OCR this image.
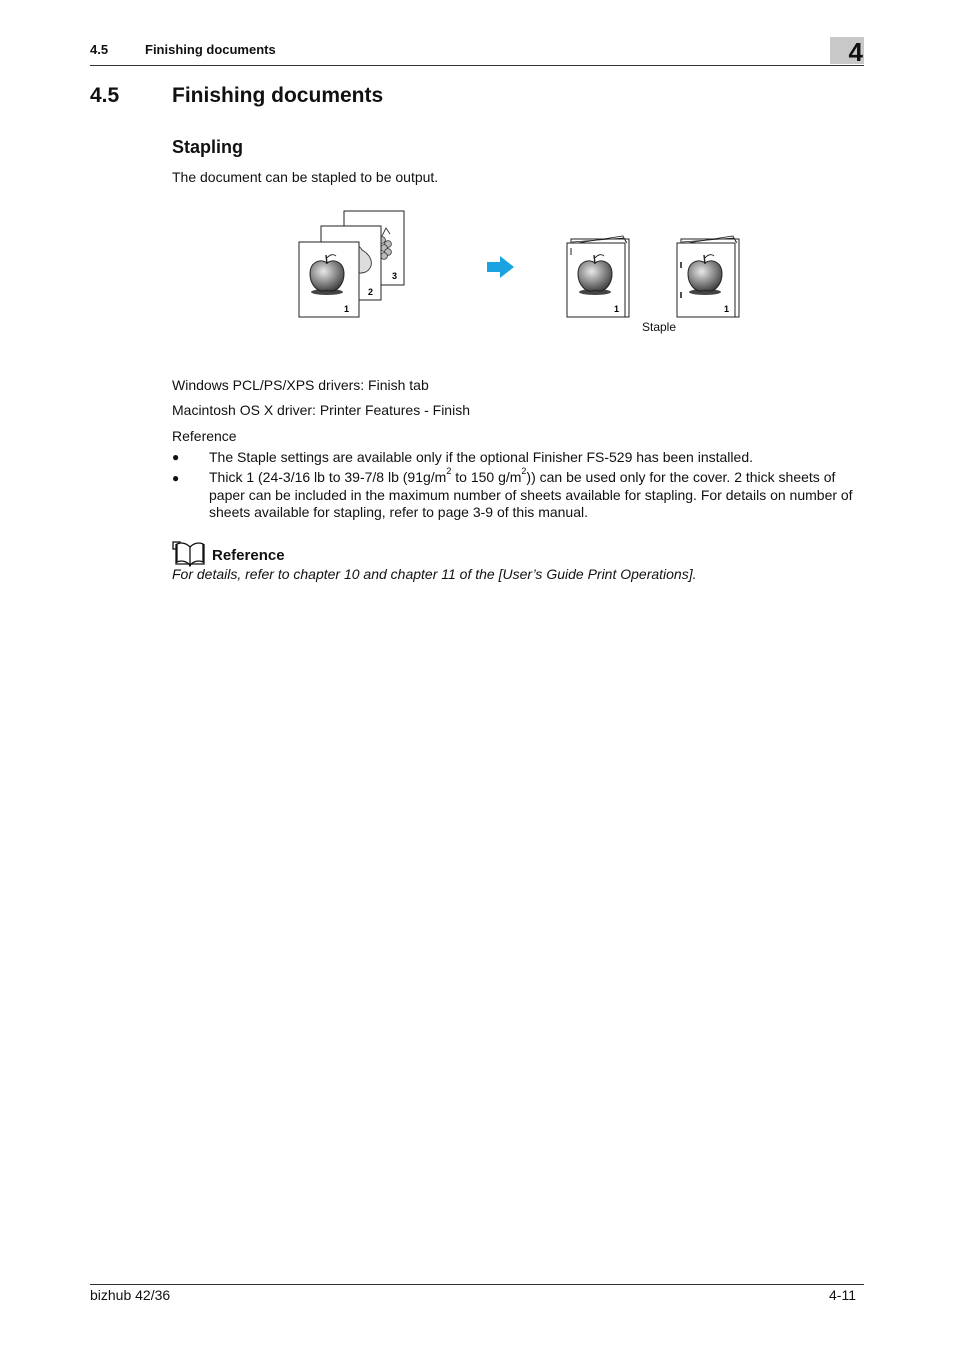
4.5	Finishing documents	4
4.5	Finishing documents
Stapling
The document can be stapled to be output.
3
2
1	1	1
Staple
Windows PCL/PS/XPS drivers: Finish tab
Macintosh OS X driver: Printer Features - Finish
Reference
● The Staple settings are available only if the optional Finisher FS-529 has been installed.
● Thick 1 (24-3/16 lb to 39-7/8 lb ($91g/m^2$ to 150 $g/m^2$)) can be used only for the cover. 2 thick sheets of paper can be included in the maximum number of sheets available for stapling. For details on number of sheets available for stapling, refer to page 3-9 of this manual.
Reference
For details, refer to chapter 10 and chapter 11 of the [User’s Guide Print Operations].
bizhub 42/36	4-11
